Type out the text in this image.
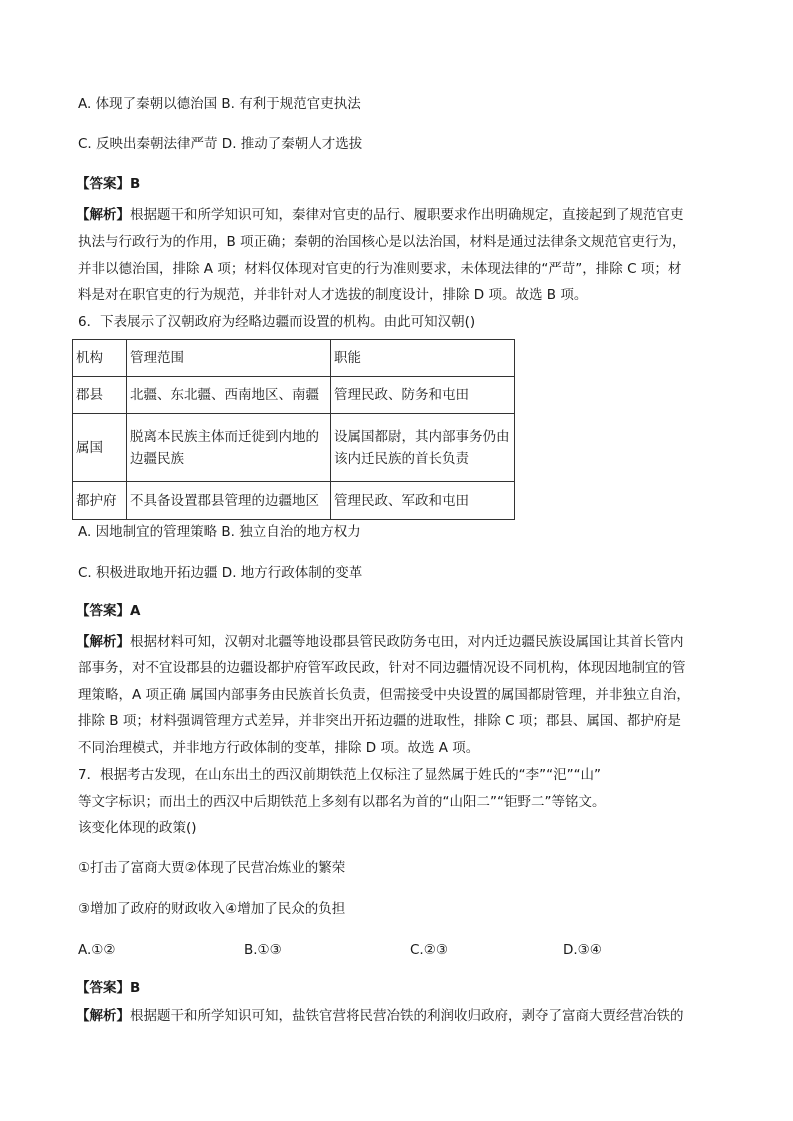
A. 体现了秦朝以德治国 B. 有利于规范官吏执法
C. 反映出秦朝法律严苛 D. 推动了秦朝人才选拔
【答案】B
【解析】根据题干和所学知识可知，秦律对官吏的品行、履职要求作出明确规定，直接起到了规范官吏
执法与行政行为的作用，B 项正确；秦朝的治国核心是以法治国，材料是通过法律条文规范官吏行为，
并非以德治国，排除 A 项；材料仅体现对官吏的行为准则要求，未体现法律的“严苛”，排除 C 项；材
料是对在职官吏的行为规范，并非针对人才选拔的制度设计，排除 D 项。故选 B 项。
6．下表展示了汉朝政府为经略边疆而设置的机构。由此可知汉朝()
机构	管理范围	职能
郡县	北疆、东北疆、西南地区、南疆	管理民政、防务和屯田
属国	脱离本民族主体而迁徙到内地的边疆民族	设属国都尉，其内部事务仍由该内迁民族的首长负责
都护府	不具备设置郡县管理的边疆地区	管理民政、军政和屯田
A. 因地制宜的管理策略 B. 独立自治的地方权力
C. 积极进取地开拓边疆 D. 地方行政体制的变革
【答案】A
【解析】根据材料可知，汉朝对北疆等地设郡县管民政防务屯田，对内迁边疆民族设属国让其首长管内
部事务，对不宜设郡县的边疆设都护府管军政民政，针对不同边疆情况设不同机构，体现因地制宜的管
理策略，A 项正确 属国内部事务由民族首长负责，但需接受中央设置的属国都尉管理，并非独立自治，
排除 B 项；材料强调管理方式差异，并非突出开拓边疆的进取性，排除 C 项；郡县、属国、都护府是
不同治理模式，并非地方行政体制的变革，排除 D 项。故选 A 项。
7．根据考古发现，在山东出土的西汉前期铁范上仅标注了显然属于姓氏的“李”“汜”“山”
等文字标识；而出土的西汉中后期铁范上多刻有以郡名为首的“山阳二”“钜野二”等铭文。
该变化体现的政策()
①打击了富商大贾②体现了民营冶炼业的繁荣
③增加了政府的财政收入④增加了民众的负担
A.①②	B.①③	C.②③	D.③④
【答案】B
【解析】根据题干和所学知识可知，盐铁官营将民营冶铁的利润收归政府，剥夺了富商大贾经营冶铁的
